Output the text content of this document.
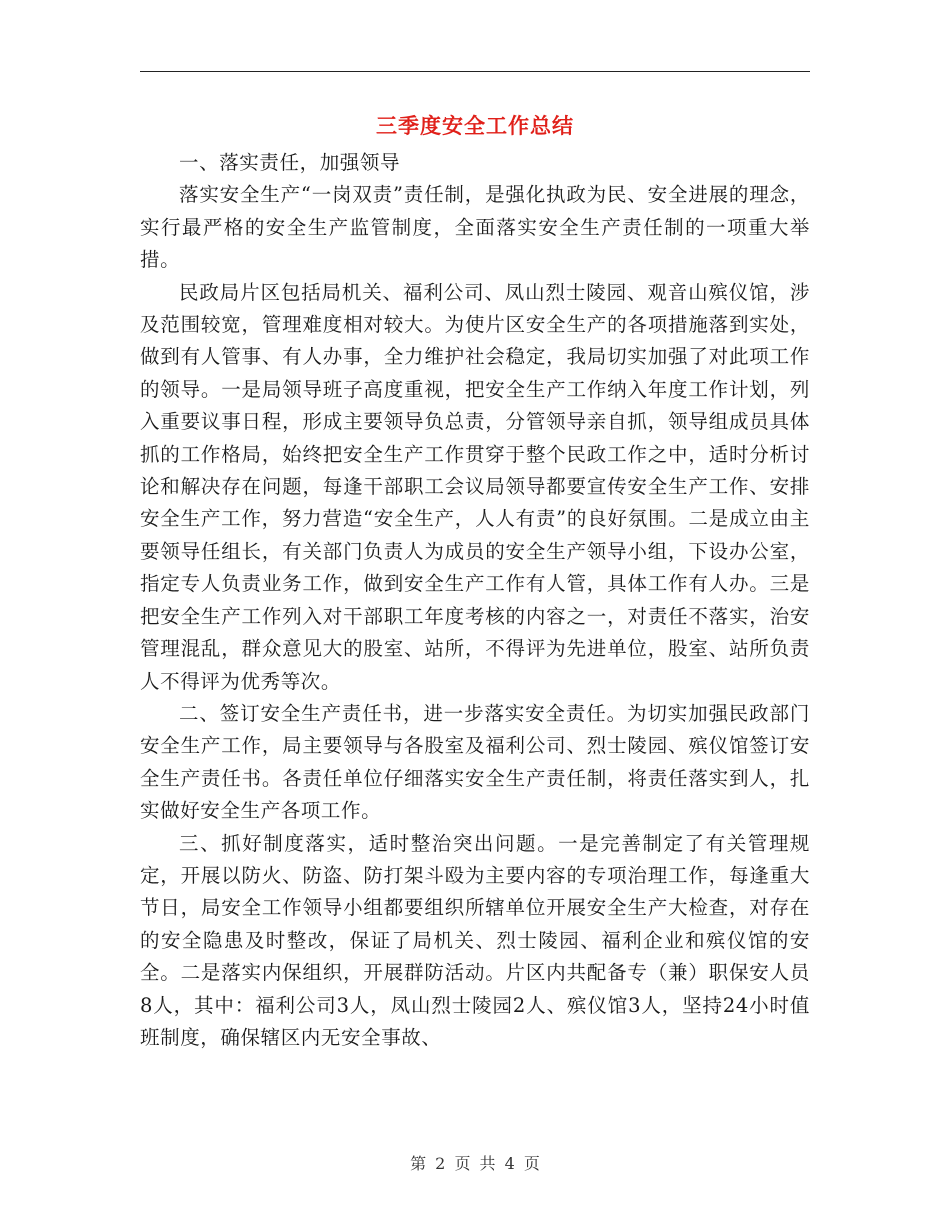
三季度安全工作总结

一、落实责任，加强领导

落实安全生产“一岗双责”责任制，是强化执政为民、安全进展的理念，实行最严格的安全生产监管制度，全面落实安全生产责任制的一项重大举措。

民政局片区包括局机关、福利公司、凤山烈士陵园、观音山殡仪馆，涉及范围较宽，管理难度相对较大。为使片区安全生产的各项措施落到实处，做到有人管事、有人办事，全力维护社会稳定，我局切实加强了对此项工作的领导。一是局领导班子高度重视，把安全生产工作纳入年度工作计划，列入重要议事日程，形成主要领导负总责，分管领导亲自抓，领导组成员具体抓的工作格局，始终把安全生产工作贯穿于整个民政工作之中，适时分析讨论和解决存在问题，每逢干部职工会议局领导都要宣传安全生产工作、安排安全生产工作，努力营造“安全生产，人人有责”的良好氛围。二是成立由主要领导任组长，有关部门负责人为成员的安全生产领导小组，下设办公室，指定专人负责业务工作，做到安全生产工作有人管，具体工作有人办。三是把安全生产工作列入对干部职工年度考核的内容之一，对责任不落实，治安管理混乱，群众意见大的股室、站所，不得评为先进单位，股室、站所负责人不得评为优秀等次。

二、签订安全生产责任书，进一步落实安全责任。为切实加强民政部门安全生产工作，局主要领导与各股室及福利公司、烈士陵园、殡仪馆签订安全生产责任书。各责任单位仔细落实安全生产责任制，将责任落实到人，扎实做好安全生产各项工作。

三、抓好制度落实，适时整治突出问题。一是完善制定了有关管理规定，开展以防火、防盗、防打架斗殴为主要内容的专项治理工作，每逢重大节日，局安全工作领导小组都要组织所辖单位开展安全生产大检查，对存在的安全隐患及时整改，保证了局机关、烈士陵园、福利企业和殡仪馆的安全。二是落实内保组织，开展群防活动。片区内共配备专（兼）职保安人员8人，其中：福利公司3人，凤山烈士陵园2人、殡仪馆3人，坚持24小时值班制度，确保辖区内无安全事故、

第 2 页 共 4 页
